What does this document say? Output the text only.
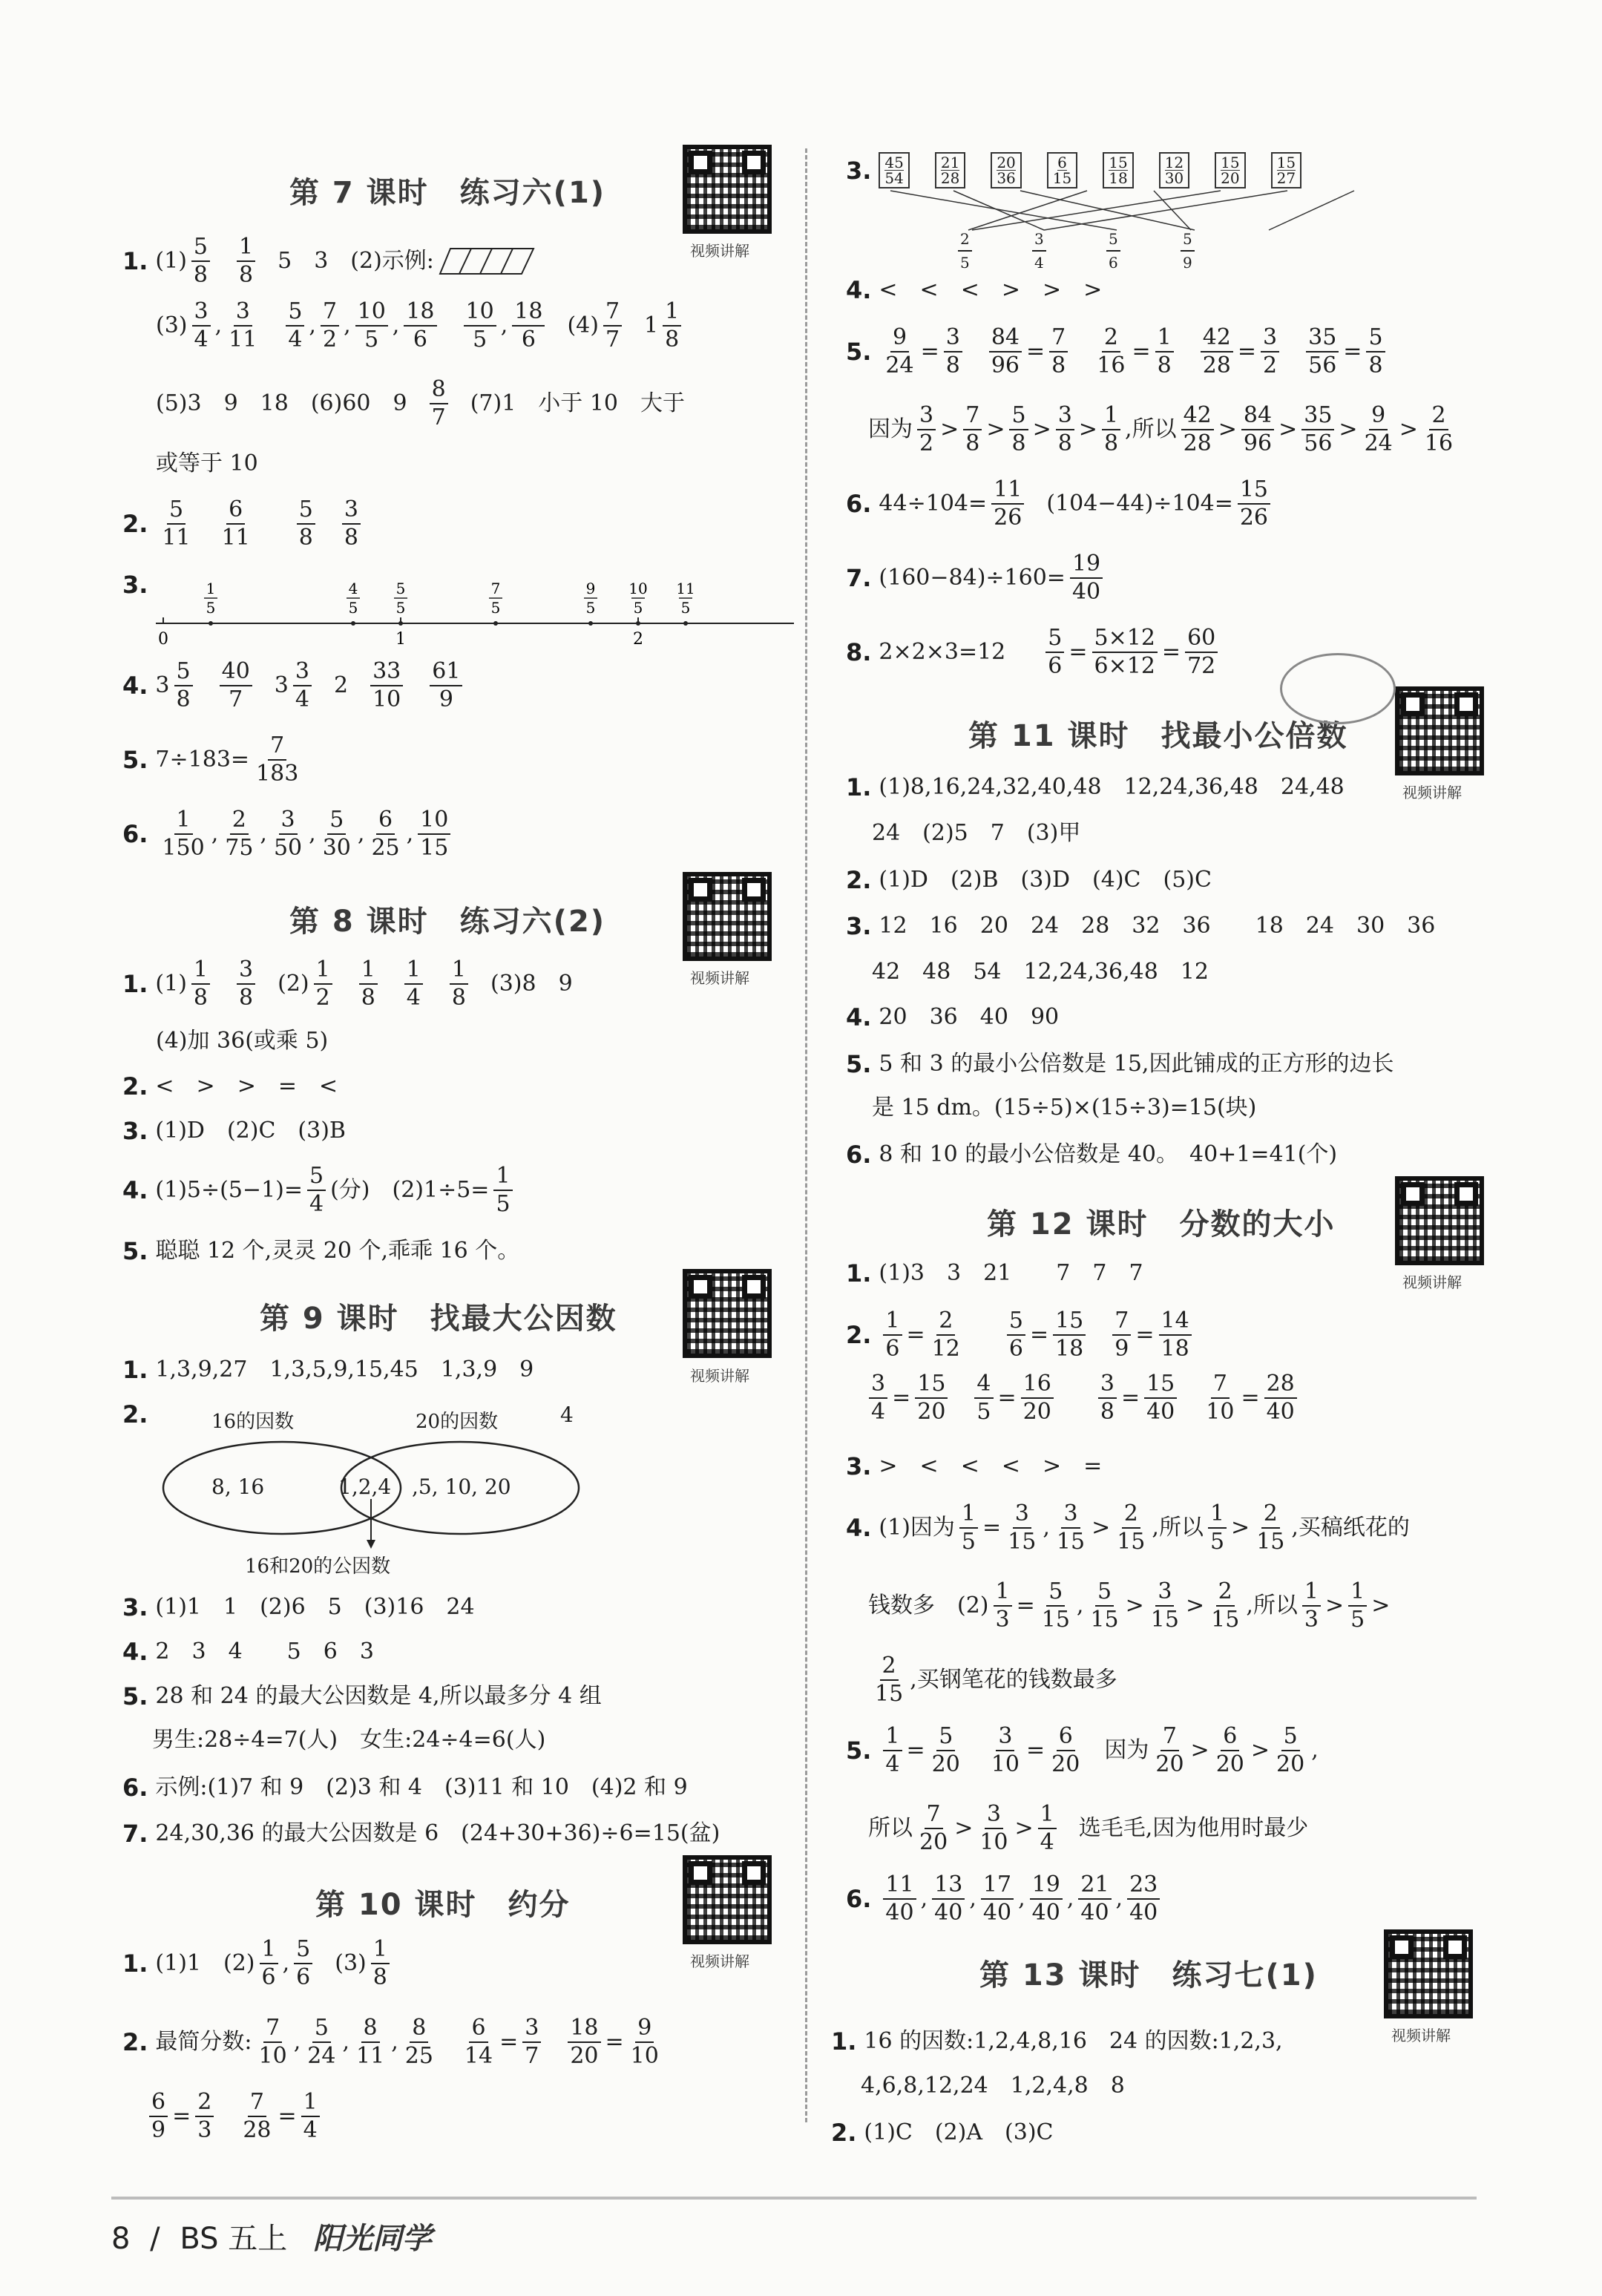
第 7 课时　练习六(1)
视频讲解
1. $(1) \frac{5}{8} \frac{1}{8} 5$　3　(2)示例:
$(3) \frac{3}{4}$ , $\frac{3}{11} \frac{5}{4}$ , $\frac{7}{2}$ , $\frac{10}{5}$ , $\frac{18}{6} \frac{10}{5}$ , $\frac{18}{6} (4) \frac{7}{7} 1 \frac{1}{8}$
(5)3　9　18　(6)60　$9 \frac{8}{7} (7)1$　小于 10　大于
或等于 10
2. $\frac{5}{11} \frac{6}{11} \frac{5}{8} \frac{3}{8}$
3.
0	1	2
1
5
4
5
5
5
7
5
9
5
10
5
11
5
4. $3 \frac{5}{8} \frac{40}{7} 3 \frac{3}{4} 2 \frac{33}{10} \frac{61}{9}$
5. $7\div 183= \frac{7}{183}$
6. $\frac{1}{150}$ , $\frac{2}{75}$ , $\frac{3}{50}$ , $\frac{5}{30}$ , $\frac{6}{25}$ , $\frac{10}{15}$
第 8 课时　练习六(2)
视频讲解
1. $(1) \frac{1}{8} \frac{3}{8} (2) \frac{1}{2} \frac{1}{8} \frac{1}{4} \frac{1}{8} (3)8$　9
(4)加 36(或乘 5)
2. <　>　>　=　<
3. (1)D　(2)C　(3)B
4. $(1)5\div(5-1)= \frac{5}{4}$ (分)　$(2)1\div 5= \frac{1}{5}$
5. 聪聪 12 个,灵灵 20 个,乖乖 16 个。
第 9 课时　找最大公因数
视频讲解
1. 1,3,9,27　1,3,5,9,15,45　1,3,9　9
2.	16的因数	20的因数	4
8, 16	1,2,4 ,5, 10, 20
16和20的公因数
3. (1)1　1　(2)6　5　(3)16　24
4. 2　3　4　　5　6　3
5. 28 和 24 的最大公因数是 4,所以最多分 4 组
男生:28÷4=7(人)　女生:24÷4=6(人)
6. 示例:(1)7 和 9　(2)3 和 4　(3)11 和 10　(4)2 和 9
7. 24,30,36 的最大公因数是 6　(24+30+36)÷6=15(盆)
第 10 课时　约分
视频讲解
1. (1)1　$(2) \frac{1}{6}$ , $\frac{5}{6} (3) \frac{1}{8}$
2. 最简分数: $\frac{7}{10}$ , $\frac{5}{24}$ , $\frac{8}{11}$ , $\frac{8}{25} \frac{6}{14} = \frac{3}{7} \frac{18}{20} = \frac{9}{10}$
$\frac{6}{9} = \frac{2}{3} \frac{7}{28} = \frac{1}{4}$
3. 45
54
21
28
20
36
6
15
15
18
12
30
15
20
15
27
$\frac{2}{5}$	$\frac{3}{4}$	$\frac{5}{6}$	$\frac{5}{9}$
4. <　<　<　>　>　>
5. $\frac{9}{24} = \frac{3}{8} \frac{84}{96} = \frac{7}{8} \frac{2}{16} = \frac{1}{8} \frac{42}{28} = \frac{3}{2} \frac{35}{56} = \frac{5}{8}$
因为 $\frac{3}{2} > \frac{7}{8} > \frac{5}{8} > \frac{3}{8} > \frac{1}{8}$ ,所以 $\frac{42}{28} > \frac{84}{96} > \frac{35}{56} > \frac{9}{24} > \frac{2}{16}$
6. $44\div 104= \frac{11}{26} (104-44)\div 104= \frac{15}{26}$
7. $(160-84)\div 160= \frac{19}{40}$
8. $2\times 2\times 3=12 \frac{5}{6} = \frac{5\times 12}{6\times 12} = \frac{60}{72}$
第 11 课时　找最小公倍数
视频讲解
1. (1)8,16,24,32,40,48　12,24,36,48　24,48
24　(2)5　7　(3)甲
2. (1)D　(2)B　(3)D　(4)C　(5)C
3. 12　16　20　24　28　32　36　　18　24　30　36
42　48　54　12,24,36,48　12
4. 20　36　40　90
5. 5 和 3 的最小公倍数是 15,因此铺成的正方形的边长
是 15 dm。(15÷5)×(15÷3)=15(块)
6. 8 和 10 的最小公倍数是 40。　40+1=41(个)
第 12 课时　分数的大小
视频讲解
1. (1)3　3　21　　7　7　7
2. $\frac{1}{6} = \frac{2}{12} \frac{5}{6} = \frac{15}{18} \frac{7}{9} = \frac{14}{18}$
$\frac{3}{4} = \frac{15}{20} \frac{4}{5} = \frac{16}{20} \frac{3}{8} = \frac{15}{40} \frac{7}{10} = \frac{28}{40}$
3. >　<　<　<　>　=
4. (1)因为 $\frac{1}{5} = \frac{3}{15}$ , $\frac{3}{15} > \frac{2}{15}$ ,所以 $\frac{1}{5} > \frac{2}{15}$ ,买稿纸花的
钱数多　$(2) \frac{1}{3} = \frac{5}{15}$ , $\frac{5}{15} > \frac{3}{15} > \frac{2}{15}$ ,所以 $\frac{1}{3} > \frac{1}{5}$ >
$\frac{2}{15}$ ,买钢笔花的钱数最多
5. $\frac{1}{4} = \frac{5}{20} \frac{3}{10} = \frac{6}{20}$ 因为 $\frac{7}{20} > \frac{6}{20} > \frac{5}{20}$ ,
所以 $\frac{7}{20} > \frac{3}{10} > \frac{1}{4}$ 选毛毛,因为他用时最少
6. $\frac{11}{40}$ , $\frac{13}{40}$ , $\frac{17}{40}$ , $\frac{19}{40}$ , $\frac{21}{40}$ , $\frac{23}{40}$
第 13 课时　练习七(1)
视频讲解
1. 16 的因数:1,2,4,8,16　24 的因数:1,2,3,
4,6,8,12,24　1,2,4,8　8
2. (1)C　(2)A　(3)C
8 / BS 五上 阳光同学
